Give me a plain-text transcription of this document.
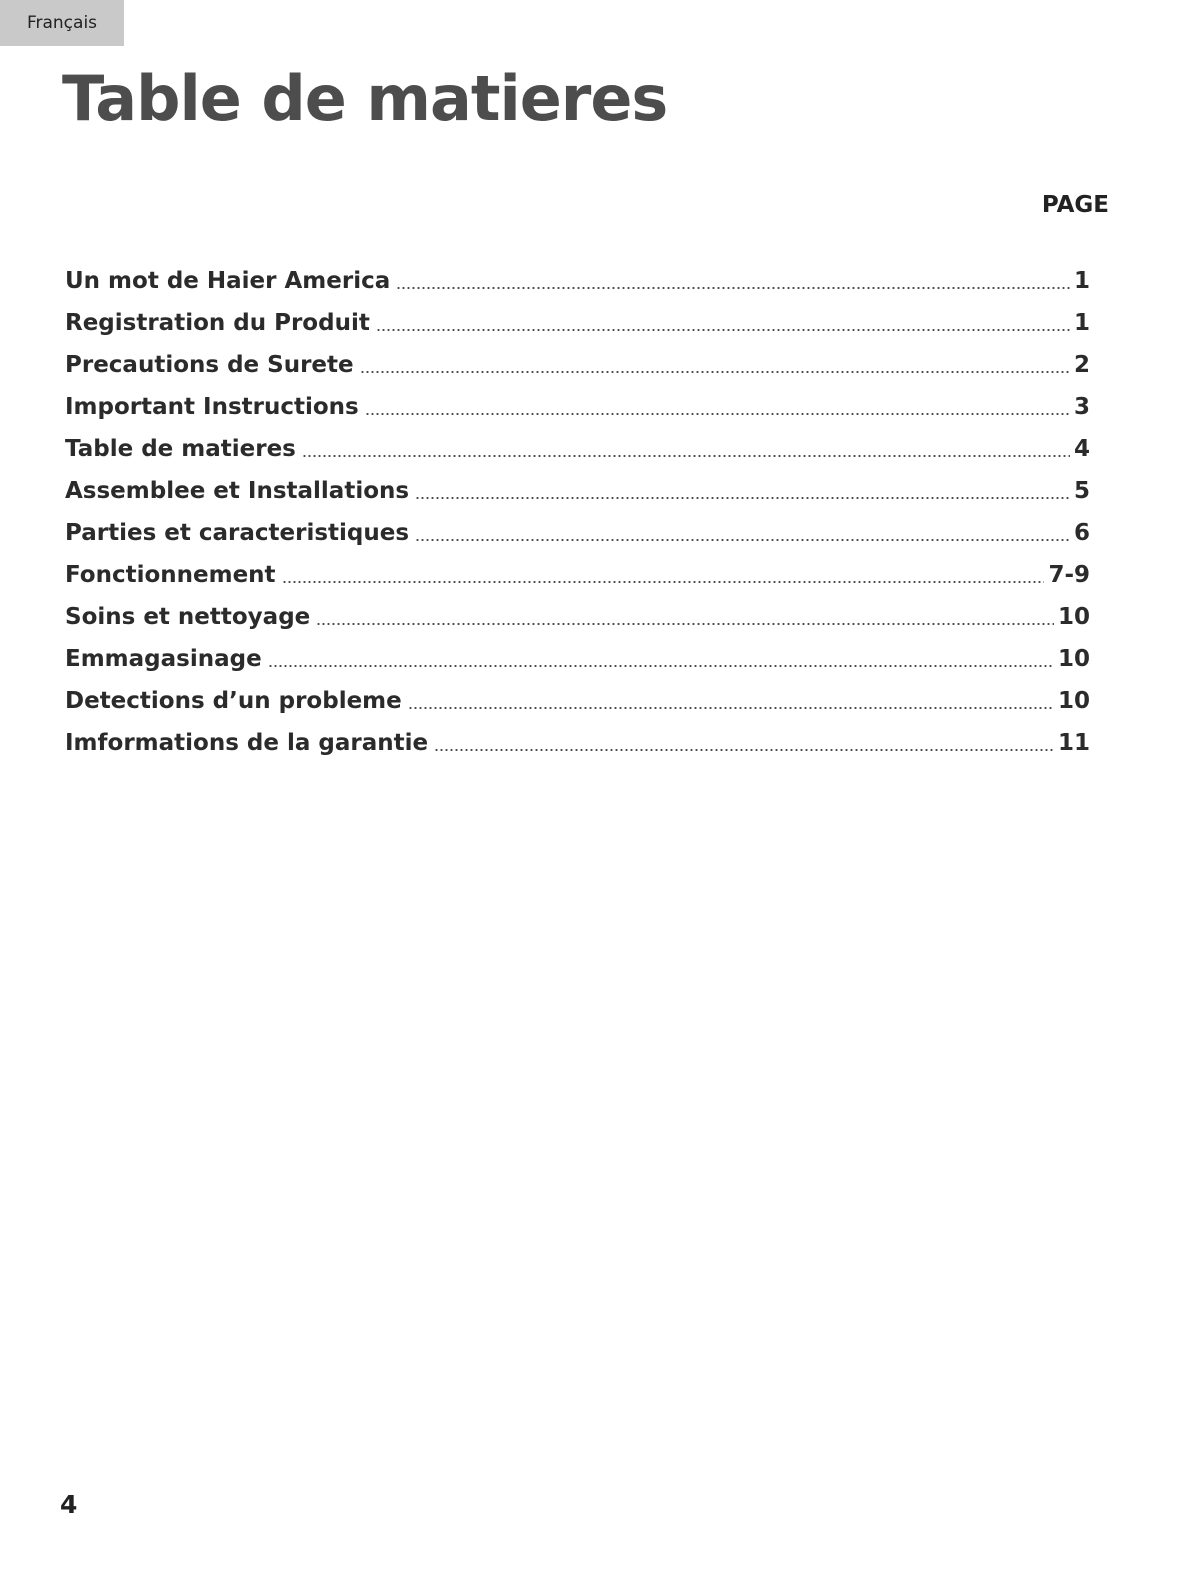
Français
Table de matieres
PAGE
Un mot de Haier America	1
Registration du Produit	1
Precautions de Surete	2
Important Instructions	3
Table de matieres	4
Assemblee et Installations	5
Parties et caracteristiques	6
Fonctionnement	7-9
Soins et nettoyage	10
Emmagasinage	10
Detections d’un probleme	10
Imformations de la garantie	11
4
